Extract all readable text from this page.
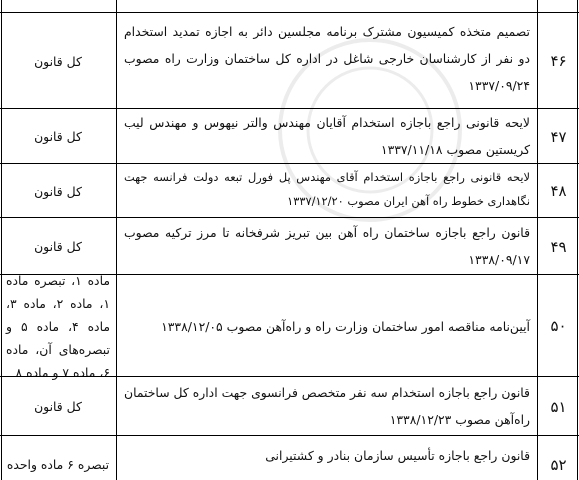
۴۶
تصمیم متخذه کمیسیون مشترک برنامه مجلسین دائر به اجازه تمدید استخدام دو نفر از کارشناسان خارجی شاغل در اداره کل ساختمان وزارت راه مصوب ۱۳۳۷/۰۹/۲۴
کل قانون
۴۷
لایحه قانونی راجع باجازه استخدام آقایان مهندس والتر نیهوس و مهندس لیب کریستین مصوب ۱۳۳۷/۱۱/۱۸
کل قانون
۴۸
لایحه قانونی راجع باجازه استخدام آقای مهندس پل فورل تبعه دولت فرانسه جهت نگاهداری خطوط راه آهن ایران مصوب ۱۳۳۷/۱۲/۲۰
کل قانون
۴۹
قانون راجع باجازه ساختمان راه آهن بین تبریز شرفخانه تا مرز ترکیه مصوب ۱۳۳۸/۰۹/۱۷
کل قانون
۵۰
آیین‌نامه مناقصه امور ساختمان وزارت راه و راه‌آهن مصوب ۱۳۳۸/۱۲/۰۵
ماده ۱، تبصره ماده ۱، ماده ۲، ماده ۳، ماده ۴، ماده ۵ و تبصره‌های آن، ماده ۶، ماده ۷ و ماده ۸
۵۱
قانون راجع باجازه استخدام سه نفر متخصص فرانسوی جهت اداره کل ساختمان راه‌آهن مصوب ۱۳۳۸/۱۲/۲۳
کل قانون
۵۲
قانون راجع باجازه تأسیس سازمان بنادر و کشتیرانی
تبصره ۶ ماده واحده
